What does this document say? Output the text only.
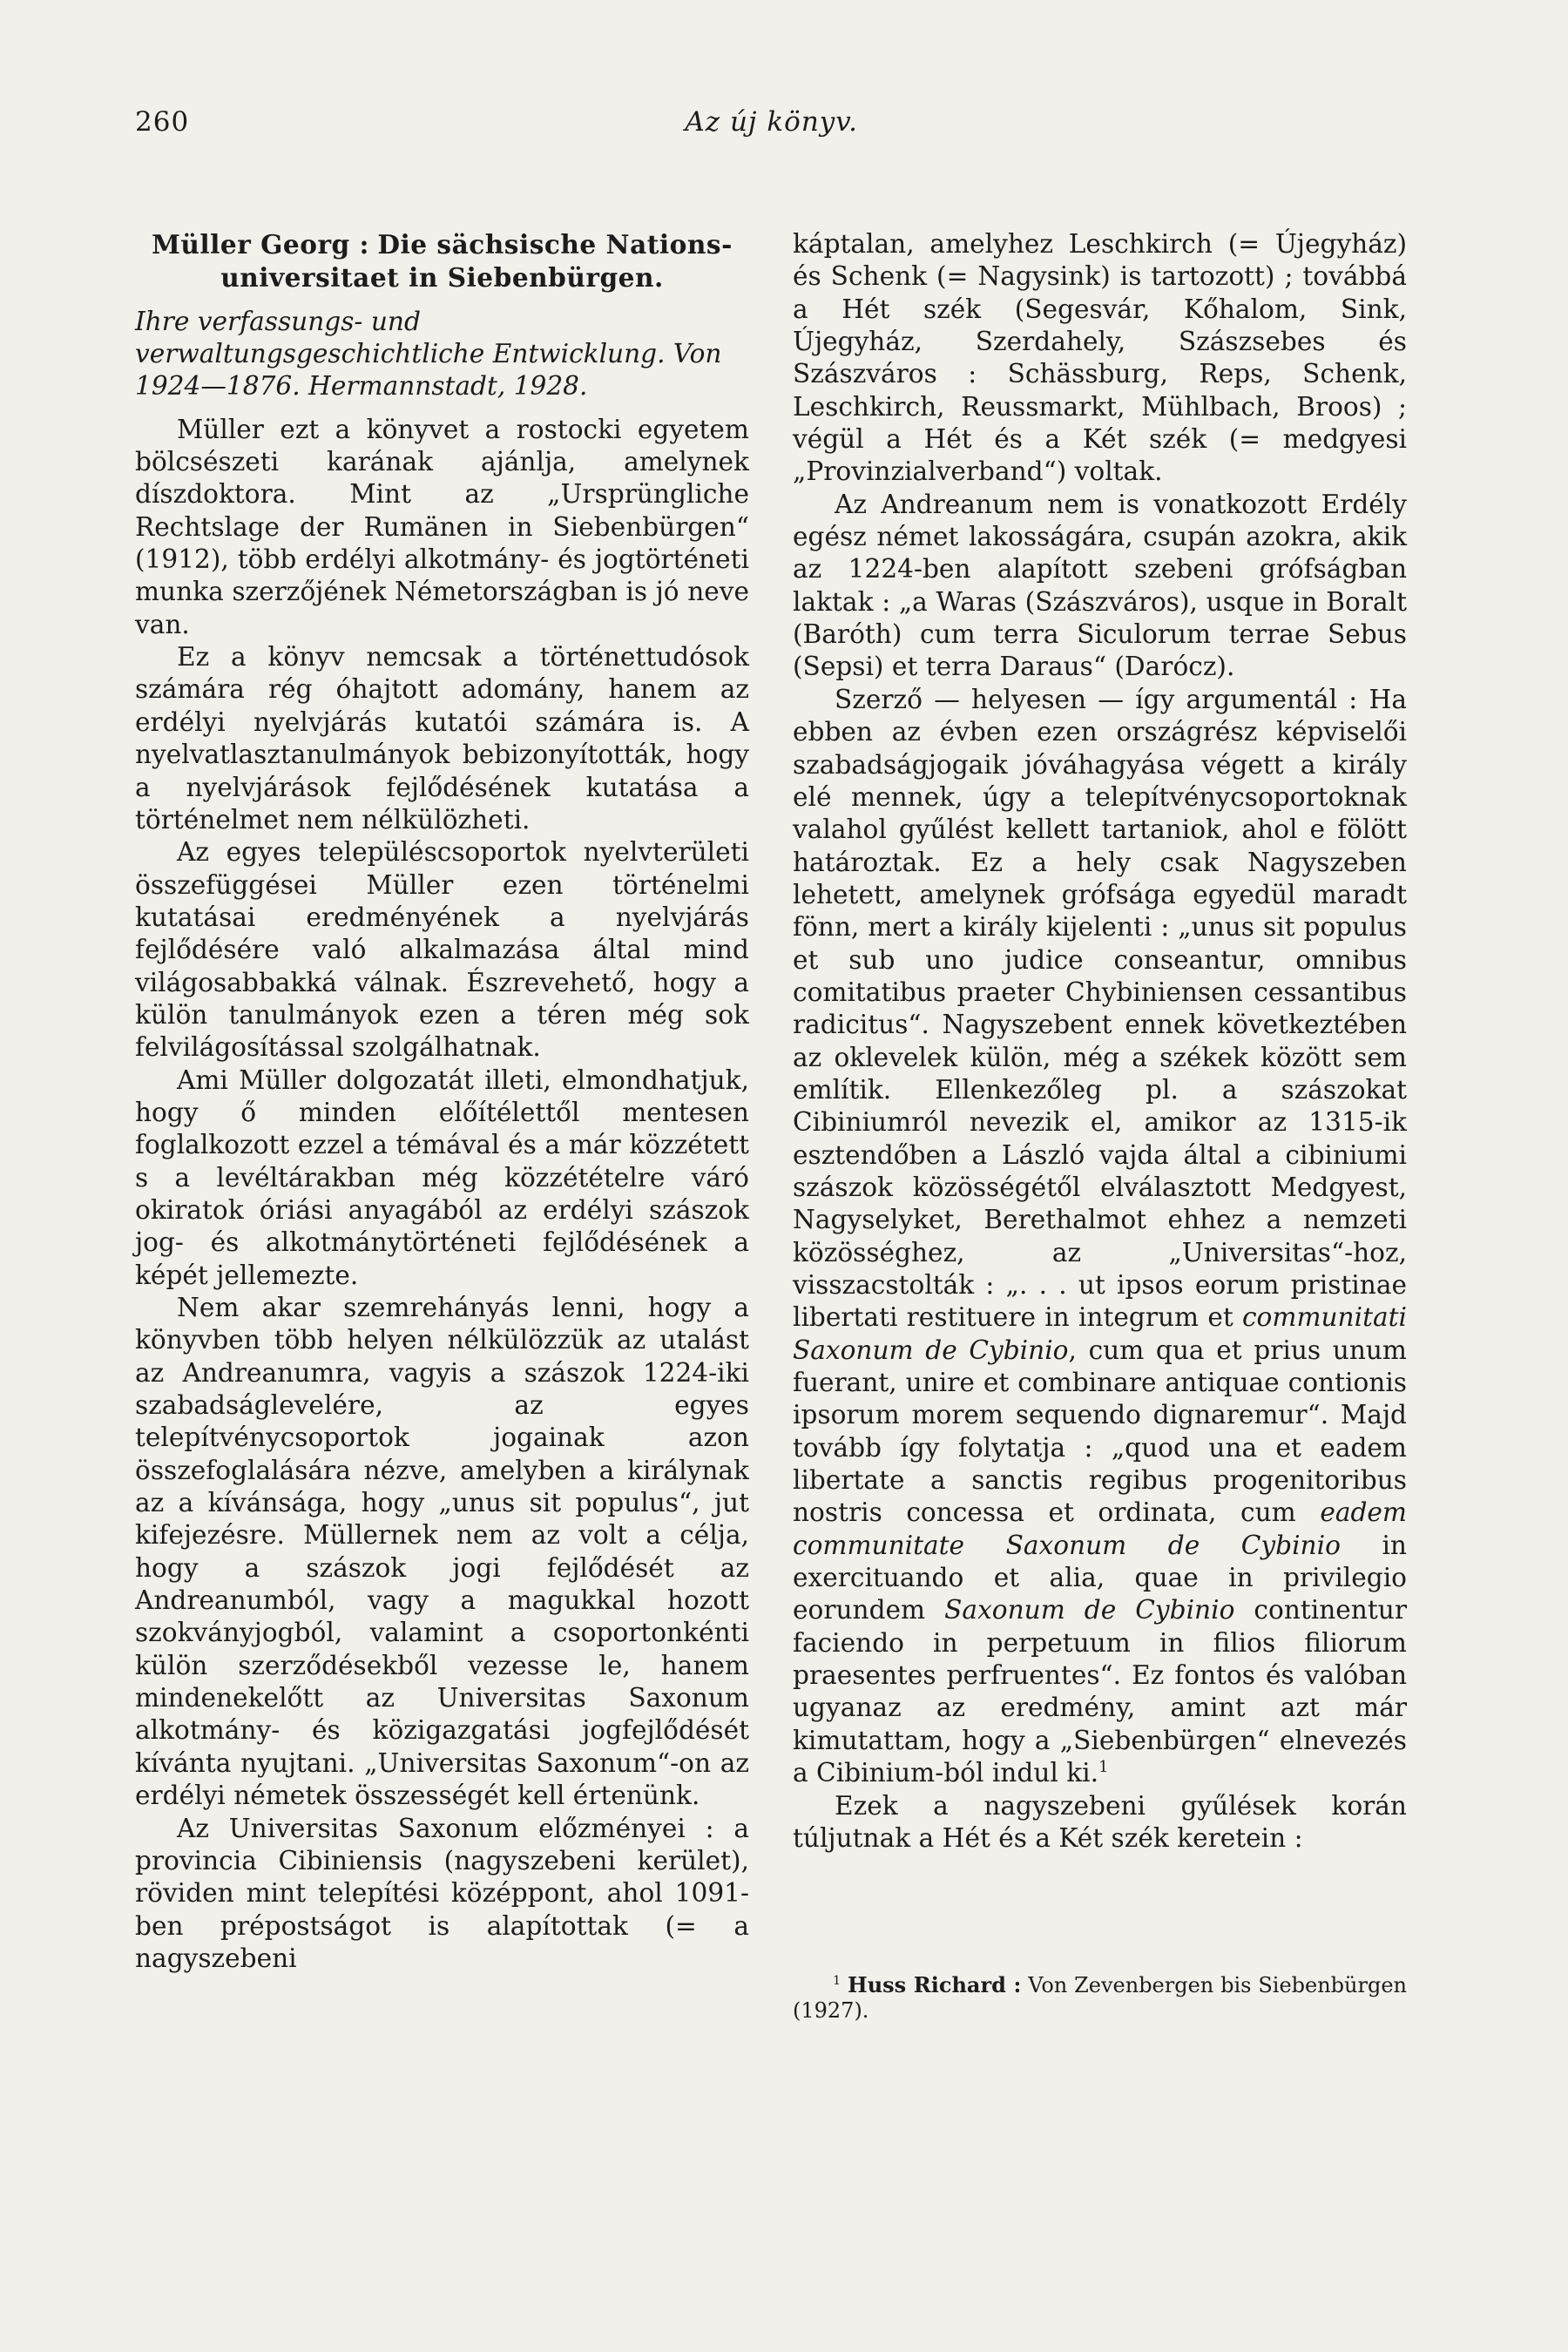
260	Az új könyv.

Müller Georg : Die sächsische Nations-

universitaet in Siebenbürgen.

Ihre verfassungs- und verwaltungsgeschichtliche Entwicklung. Von 1924—1876. Hermannstadt, 1928.

Müller ezt a könyvet a rostocki egyetem bölcsészeti karának ajánlja, amelynek díszdoktora. Mint az „Ursprüngliche Rechtslage der Rumänen in Siebenbürgen“ (1912), több erdélyi alkotmány- és jogtörténeti munka szerzőjének Németországban is jó neve van.

Ez a könyv nemcsak a történettudósok számára rég óhajtott adomány, hanem az erdélyi nyelvjárás kutatói számára is. A nyelvatlasztanulmányok bebizonyították, hogy a nyelvjárások fejlődésének kutatása a történelmet nem nélkülözheti.

Az egyes településcsoportok nyelvterületi összefüggései Müller ezen történelmi kutatásai eredményének a nyelvjárás fejlődésére való alkalmazása által mind világosabbakká válnak. Észrevehető, hogy a külön tanulmányok ezen a téren még sok felvilágosítással szolgálhatnak.

Ami Müller dolgozatát illeti, elmondhatjuk, hogy ő minden előítélettől mentesen foglalkozott ezzel a témával és a már közzétett s a levéltárakban még közzétételre váró okiratok óriási anyagából az erdélyi szászok jog- és alkotmánytörténeti fejlődésének a képét jellemezte.

Nem akar szemrehányás lenni, hogy a könyvben több helyen nélkülözzük az utalást az Andreanumra, vagyis a szászok 1224-iki szabadságlevelére, az egyes telepítvénycsoportok jogainak azon összefoglalására nézve, amelyben a királynak az a kívánsága, hogy „unus sit populus“, jut kifejezésre. Müllernek nem az volt a célja, hogy a szászok jogi fejlődését az Andreanumból, vagy a magukkal hozott szokványjogból, valamint a csoportonkénti külön szerződésekből vezesse le, hanem mindenekelőtt az Universitas Saxonum alkotmány- és közigazgatási jogfejlődését kívánta nyujtani. „Universitas Saxonum“-on az erdélyi németek összességét kell értenünk.

Az Universitas Saxonum előzményei : a provincia Cibiniensis (nagyszebeni kerület), röviden mint telepítési középpont, ahol 1091-ben prépostságot is alapítottak (= a nagyszebeni

káptalan, amelyhez Leschkirch (= Újegyház) és Schenk (= Nagysink) is tartozott) ; továbbá a Hét szék (Segesvár, Kőhalom, Sink, Újegyház, Szerdahely, Szászsebes és Szászváros : Schässburg, Reps, Schenk, Leschkirch, Reussmarkt, Mühlbach, Broos) ; végül a Hét és a Két szék (= medgyesi „Provinzialverband“) voltak.

Az Andreanum nem is vonatkozott Erdély egész német lakosságára, csupán azokra, akik az 1224-ben alapított szebeni grófságban laktak : „a Waras (Szászváros), usque in Boralt (Baróth) cum terra Siculorum terrae Sebus (Sepsi) et terra Daraus“ (Darócz).

Szerző — helyesen — így argumentál : Ha ebben az évben ezen országrész képviselői szabadságjogaik jóváhagyása végett a király elé mennek, úgy a telepítvénycsoportoknak valahol gyűlést kellett tartaniok, ahol e fölött határoztak. Ez a hely csak Nagyszeben lehetett, amelynek grófsága egyedül maradt fönn, mert a király kijelenti : „unus sit populus et sub uno judice conseantur, omnibus comitatibus praeter Chybiniensen cessantibus radicitus“. Nagyszebent ennek következtében az oklevelek külön, még a székek között sem említik. Ellenkezőleg pl. a szászokat Cibiniumról nevezik el, amikor az 1315-ik esztendőben a László vajda által a cibiniumi szászok közösségétől elválasztott Medgyest, Nagyselyket, Berethalmot ehhez a nemzeti közösséghez, az „Universitas“-hoz, visszacstolták : „. . . ut ipsos eorum pristinae libertati restituere in integrum et communitati Saxonum de Cybinio, cum qua et prius unum fuerant, unire et combinare antiquae contionis ipsorum morem sequendo dignaremur“. Majd tovább így folytatja : „quod una et eadem libertate a sanctis regibus progenitoribus nostris concessa et ordinata, cum eadem communitate Saxonum de Cybinio in exercituando et alia, quae in privilegio eorundem Saxonum de Cybinio continentur faciendo in perpetuum in filios filiorum praesentes perfruentes“. Ez fontos és valóban ugyanaz az eredmény, amint azt már kimutattam, hogy a „Siebenbürgen“ elnevezés a Cibinium-ból indul ki.$^1$

Ezek a nagyszebeni gyűlések korán túljutnak a Hét és a Két szék keretein :

$^1$ Huss Richard : Von Zevenbergen bis Siebenbürgen (1927).
